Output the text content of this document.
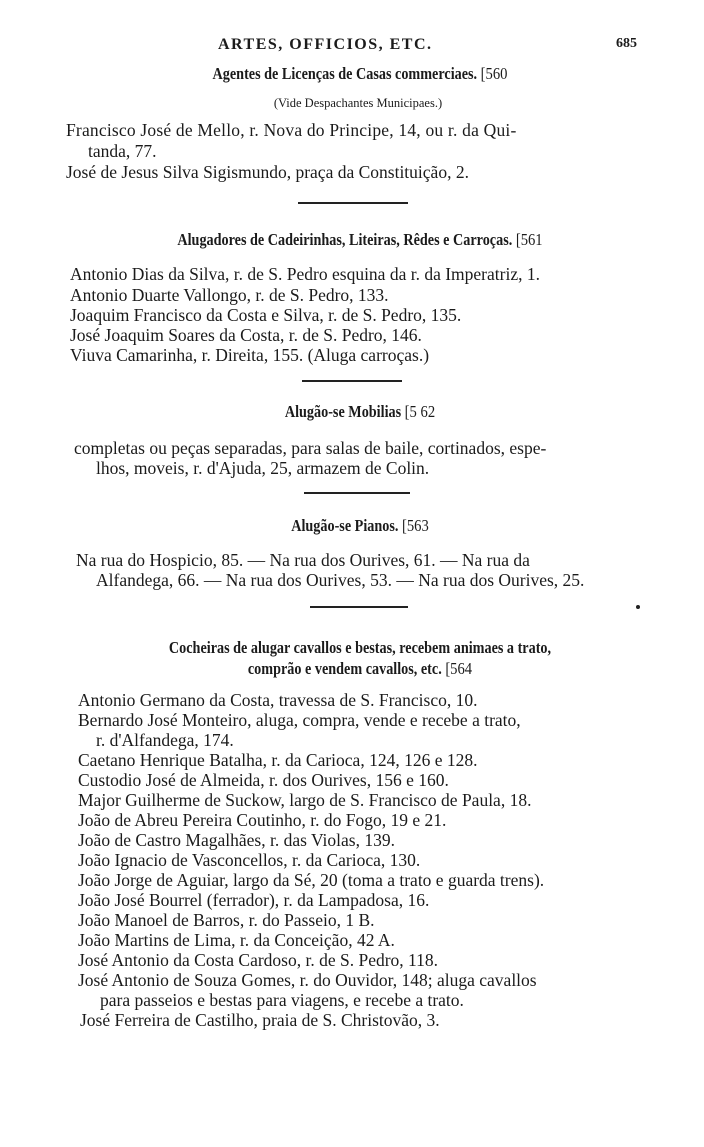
ARTES, OFFICIOS, ETC.	685
Agentes de Licenças de Casas commerciaes. [560
(Vide Despachantes Municipaes.)
Francisco José de Mello, r. Nova do Principe, 14, ou r. da Qui-
tanda, 77.
José de Jesus Silva Sigismundo, praça da Constituição, 2.
Alugadores de Cadeirinhas, Liteiras, Rêdes e Carroças. [561
Antonio Dias da Silva, r. de S. Pedro esquina da r. da Imperatriz, 1.
Antonio Duarte Vallongo, r. de S. Pedro, 133.
Joaquim Francisco da Costa e Silva, r. de S. Pedro, 135.
José Joaquim Soares da Costa, r. de S. Pedro, 146.
Viuva Camarinha, r. Direita, 155. (Aluga carroças.)
Alugão-se Mobilias [5 62
completas ou peças separadas, para salas de baile, cortinados, espe-
lhos, moveis, r. d'Ajuda, 25, armazem de Colin.
Alugão-se Pianos. [563
Na rua do Hospicio, 85. — Na rua dos Ourives, 61. — Na rua da
Alfandega, 66. — Na rua dos Ourives, 53. — Na rua dos Ourives, 25.
Cocheiras de alugar cavallos e bestas, recebem animaes a trato,
comprão e vendem cavallos, etc. [564
Antonio Germano da Costa, travessa de S. Francisco, 10.
Bernardo José Monteiro, aluga, compra, vende e recebe a trato,
r. d'Alfandega, 174.
Caetano Henrique Batalha, r. da Carioca, 124, 126 e 128.
Custodio José de Almeida, r. dos Ourives, 156 e 160.
Major Guilherme de Suckow, largo de S. Francisco de Paula, 18.
João de Abreu Pereira Coutinho, r. do Fogo, 19 e 21.
João de Castro Magalhães, r. das Violas, 139.
João Ignacio de Vasconcellos, r. da Carioca, 130.
João Jorge de Aguiar, largo da Sé, 20 (toma a trato e guarda trens).
João José Bourrel (ferrador), r. da Lampadosa, 16.
João Manoel de Barros, r. do Passeio, 1 B.
João Martins de Lima, r. da Conceição, 42 A.
José Antonio da Costa Cardoso, r. de S. Pedro, 118.
José Antonio de Souza Gomes, r. do Ouvidor, 148; aluga cavallos
para passeios e bestas para viagens, e recebe a trato.
José Ferreira de Castilho, praia de S. Christovão, 3.
